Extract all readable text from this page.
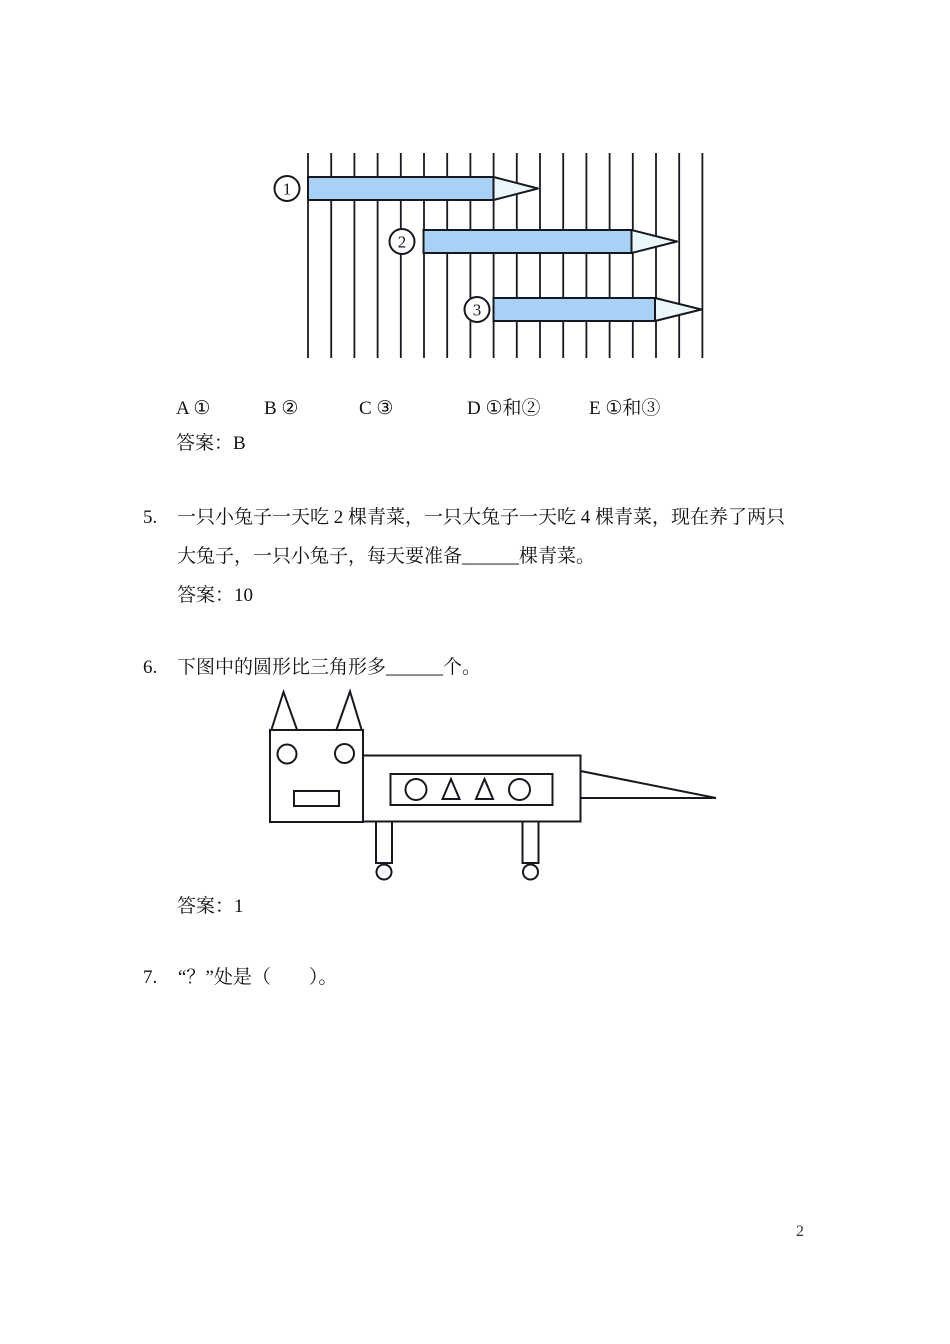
1
2
3
A ①	B ②	C ③	D ①和②	E ①和③
答案：B
5. 一只小兔子一天吃 2 棵青菜，一只大兔子一天吃 4 棵青菜，现在养了两只
大兔子，一只小兔子，每天要准备______棵青菜。
答案：10
6. 下图中的圆形比三角形多______个。
答案：1
7. “？”处是（　　）。
2
